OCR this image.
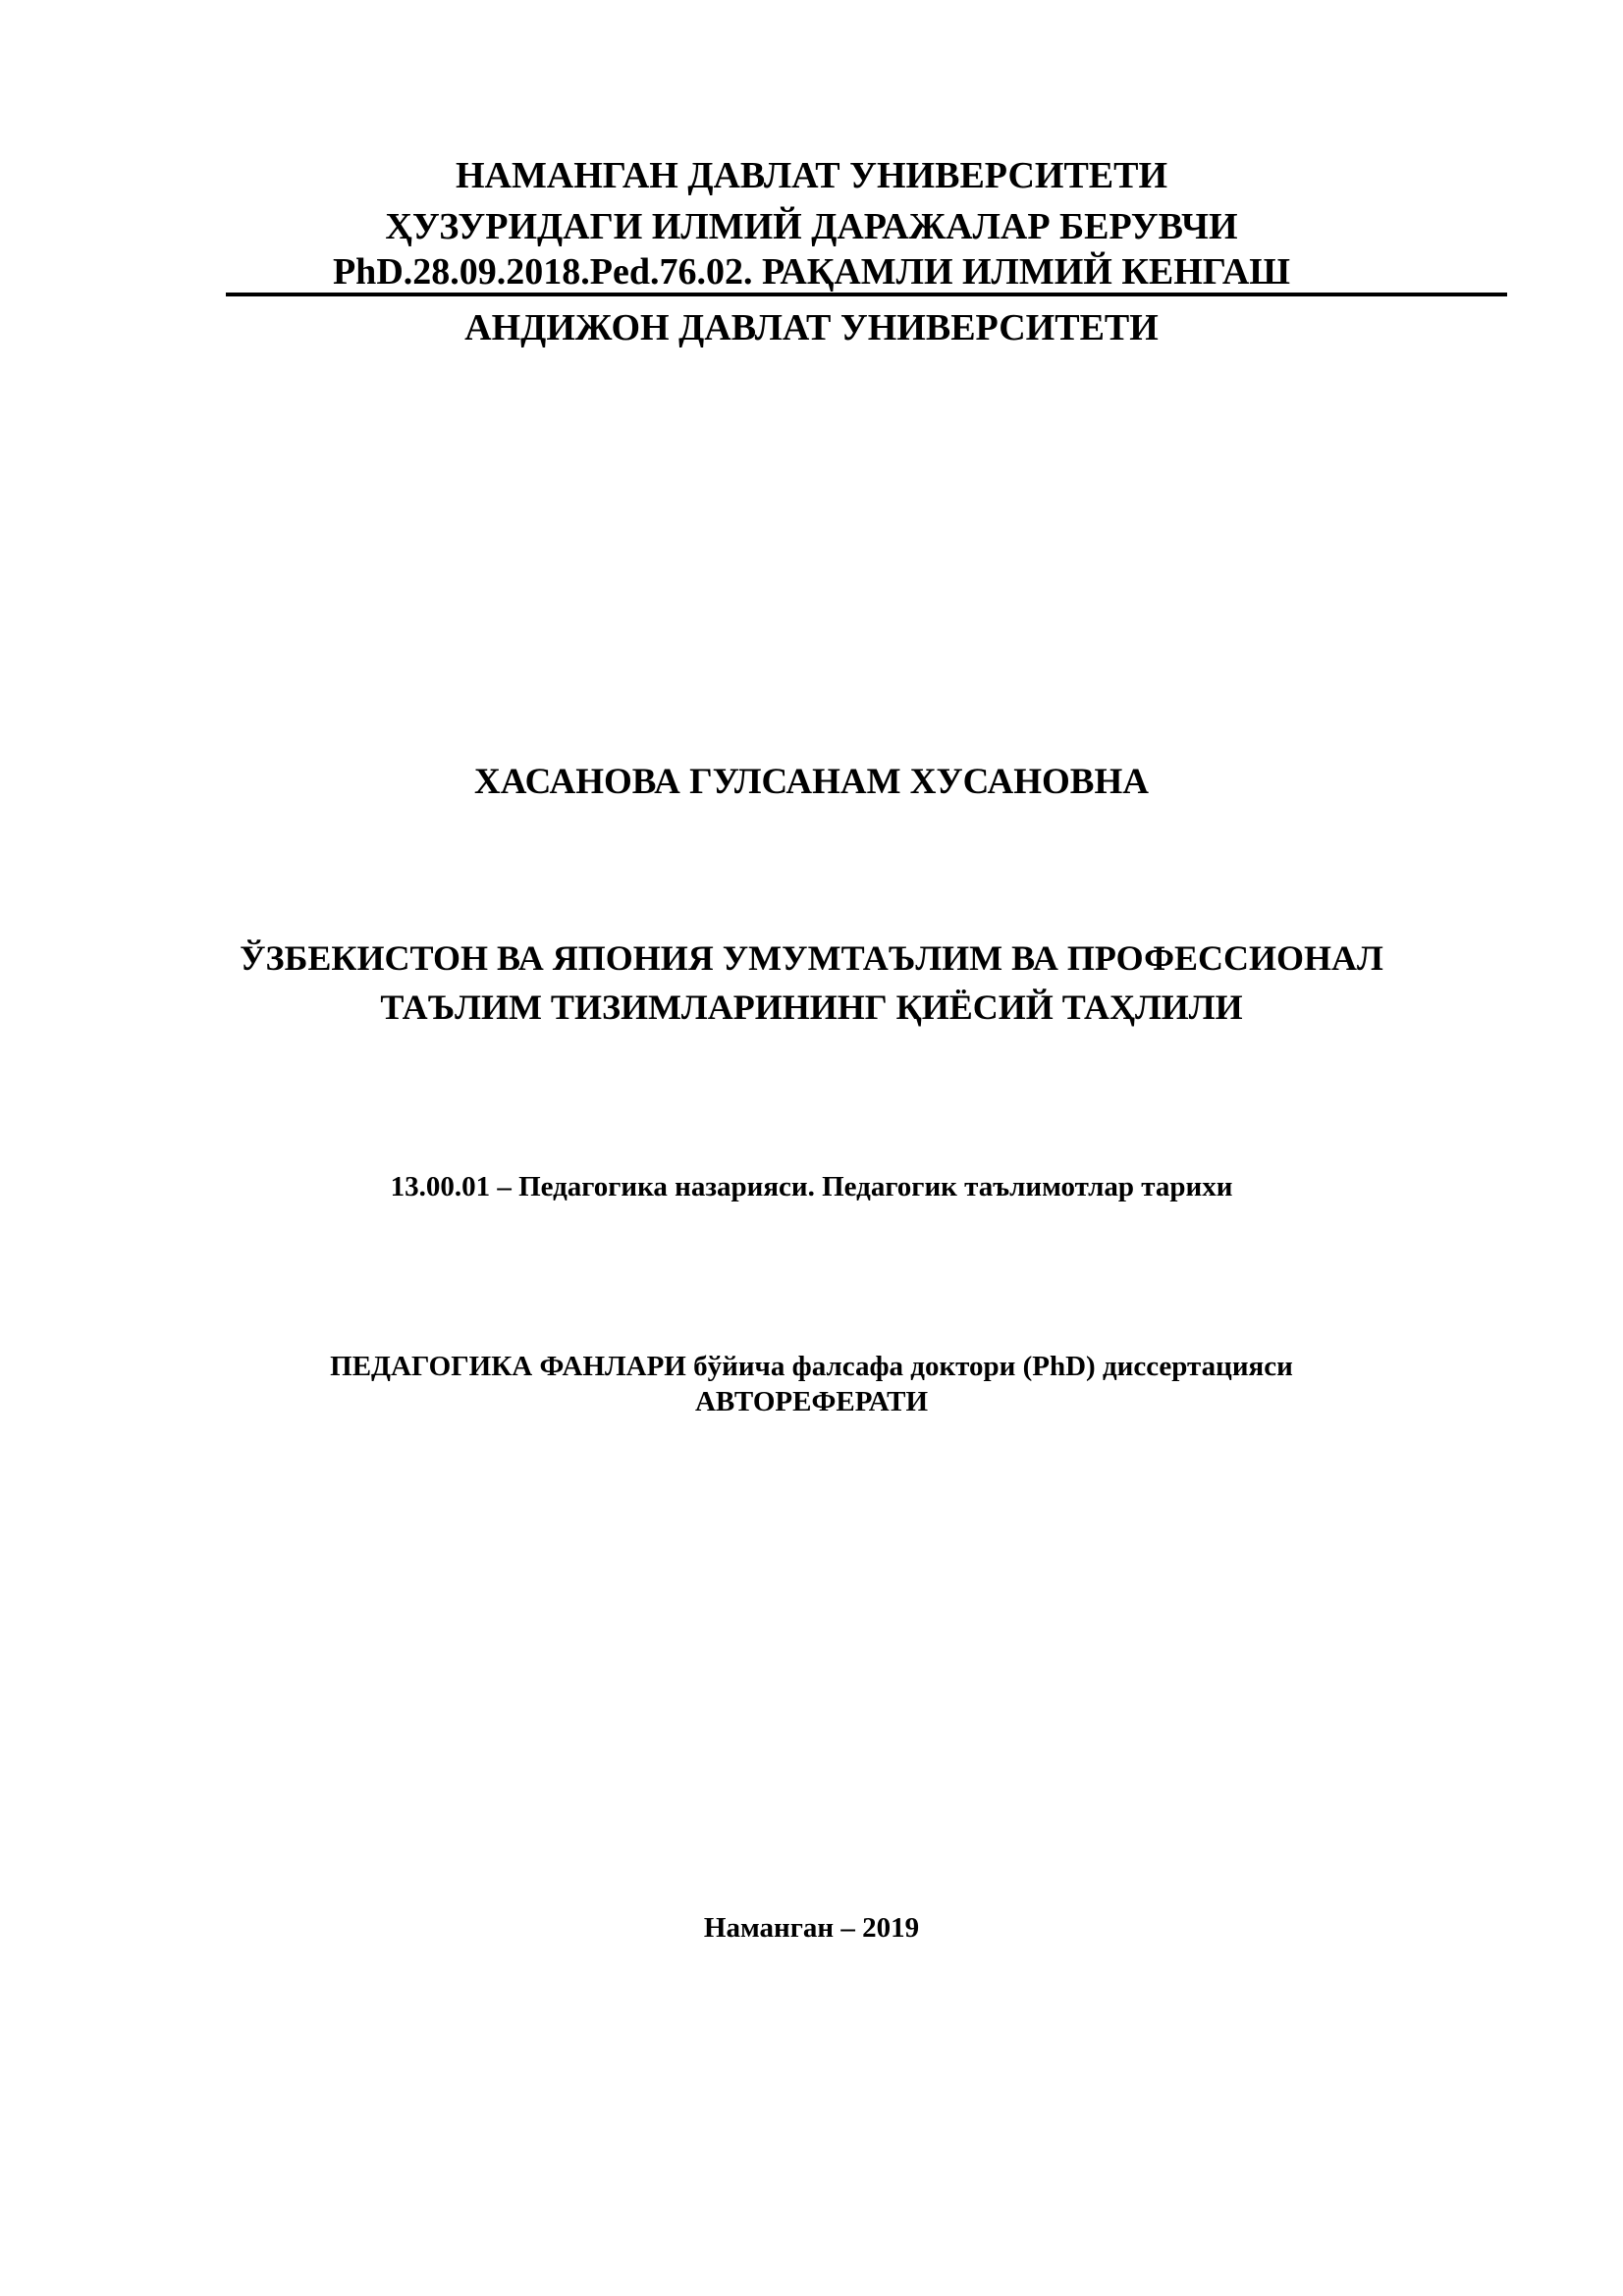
НАМАНГАН ДАВЛАТ УНИВЕРСИТЕТИ
ҲУЗУРИДАГИ ИЛМИЙ ДАРАЖАЛАР БЕРУВЧИ
PhD.28.09.2018.Ped.76.02. РАҚАМЛИ ИЛМИЙ КЕНГАШ
АНДИЖОН ДАВЛАТ УНИВЕРСИТЕТИ
ХАСАНОВА ГУЛСАНАМ ХУСАНОВНА
ЎЗБЕКИСТОН ВА ЯПОНИЯ УМУМТАЪЛИМ ВА ПРОФЕССИОНАЛ
ТАЪЛИМ ТИЗИМЛАРИНИНГ ҚИЁСИЙ ТАҲЛИЛИ
13.00.01 – Педагогика назарияси. Педагогик таълимотлар тарихи
ПЕДАГОГИКА ФАНЛАРИ бўйича фалсафа доктори (PhD) диссертацияси
АВТОРЕФЕРАТИ
Наманган – 2019
